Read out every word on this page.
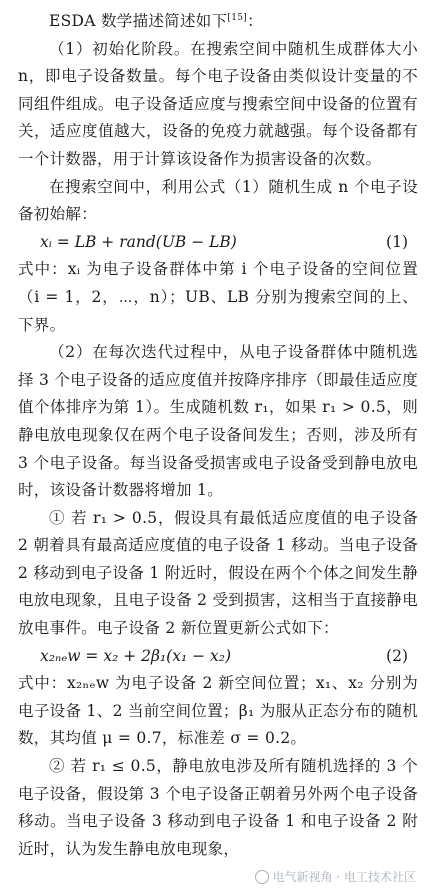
ESDA 数学描述简述如下[15]：

（1）初始化阶段。在搜索空间中随机生成群体大小 n，即电子设备数量。每个电子设备由类似设计变量的不同组件组成。电子设备适应度与搜索空间中设备的位置有关，适应度值越大，设备的免疫力就越强。每个设备都有一个计数器，用于计算该设备作为损害设备的次数。

在搜索空间中，利用公式（1）随机生成 n 个电子设备初始解：

xᵢ = LB + rand(UB − LB)	(1)

式中：xᵢ 为电子设备群体中第 i 个电子设备的空间位置（i = 1，2，⋯，n）；UB、LB 分别为搜索空间的上、下界。

（2）在每次迭代过程中，从电子设备群体中随机选择 3 个电子设备的适应度值并按降序排序（即最佳适应度值个体排序为第 1）。生成随机数 r₁，如果 r₁ > 0.5，则静电放电现象仅在两个电子设备间发生；否则，涉及所有 3 个电子设备。每当设备受损害或电子设备受到静电放电时，该设备计数器将增加 1。

① 若 r₁ > 0.5，假设具有最低适应度值的电子设备 2 朝着具有最高适应度值的电子设备 1 移动。当电子设备 2 移动到电子设备 1 附近时，假设在两个个体之间发生静电放电现象，且电子设备 2 受到损害，这相当于直接静电放电事件。电子设备 2 新位置更新公式如下：

x₂ₙₑw = x₂ + 2β₁(x₁ − x₂)	(2)

式中：x₂ₙₑw 为电子设备 2 新空间位置；x₁、x₂ 分别为电子设备 1、2 当前空间位置；β₁ 为服从正态分布的随机数，其均值 μ = 0.7，标准差 σ = 0.2。

② 若 r₁ ≤ 0.5，静电放电涉及所有随机选择的 3 个电子设备，假设第 3 个电子设备正朝着另外两个电子设备移动。当电子设备 3 移动到电子设备 1 和电子设备 2 附近时，认为发生静电放电现象，

电气新视角 · 电工技术社区
